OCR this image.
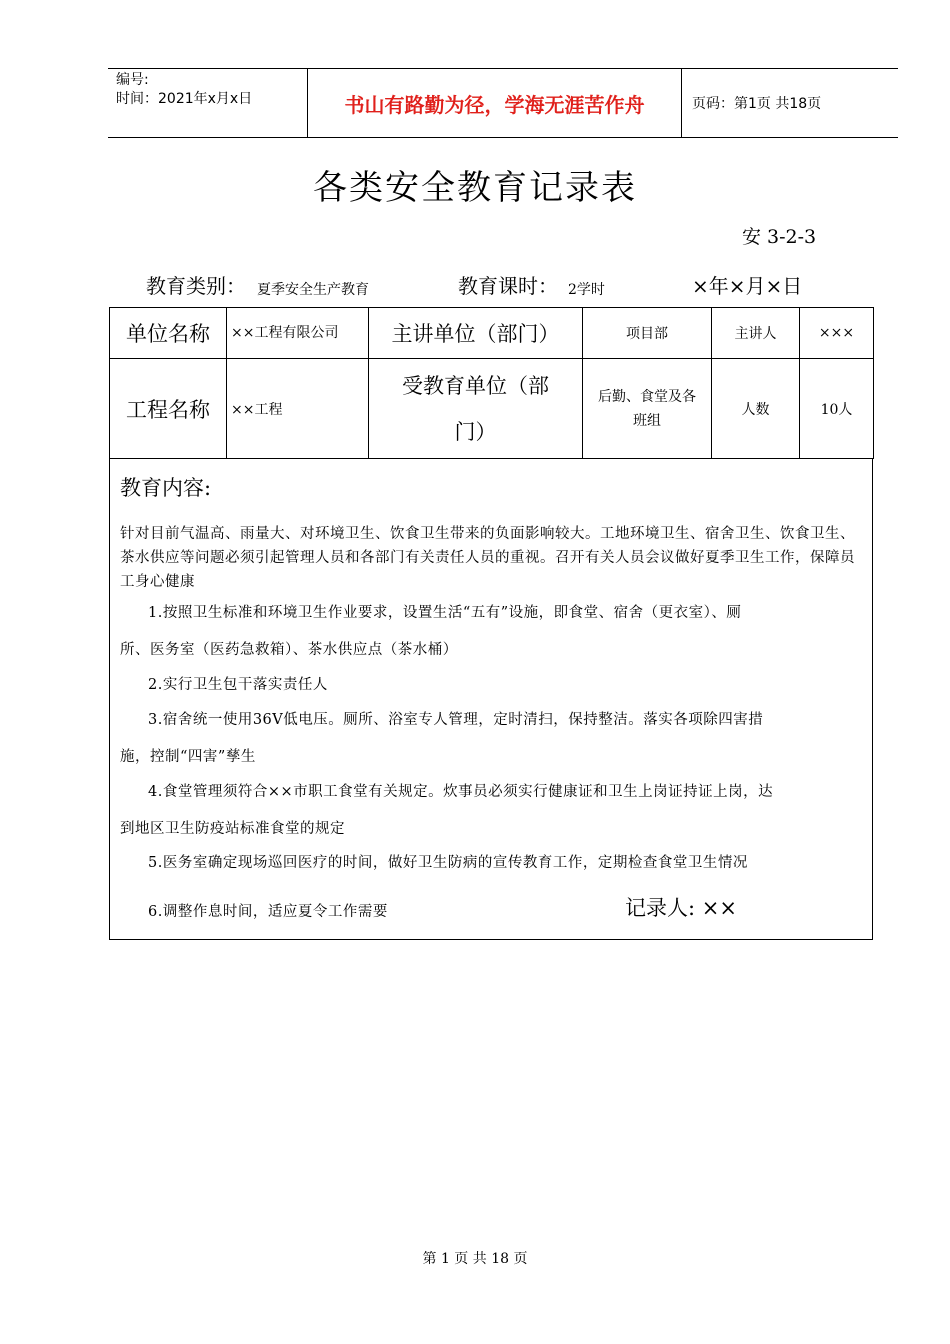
编号:
时间：2021年x月x日	书山有路勤为径，学海无涯苦作舟	页码：第1页 共18页
各类安全教育记录表
安 3-2-3
教育类别： 夏季安全生产教育	教育课时： 2学时	×年×月×日
单位名称	××工程有限公司	主讲单位（部门）	项目部	主讲人	×××
工程名称	××工程	受教育单位（部门）	后勤、食堂及各班组	人数	10人
教育内容:
针对目前气温高、雨量大、对环境卫生、饮食卫生带来的负面影响较大。工地环境卫生、宿舍卫生、饮食卫生、茶水供应等问题必须引起管理人员和各部门有关责任人员的重视。召开有关人员会议做好夏季卫生工作，保障员工身心健康
1.按照卫生标准和环境卫生作业要求，设置生活“五有”设施，即食堂、宿舍（更衣室）、厕
所、医务室（医药急救箱）、茶水供应点（茶水桶）
2.实行卫生包干落实责任人
3.宿舍统一使用36V低电压。厕所、浴室专人管理，定时清扫，保持整洁。落实各项除四害措
施，控制“四害”孳生
4.食堂管理须符合××市职工食堂有关规定。炊事员必须实行健康证和卫生上岗证持证上岗，达
到地区卫生防疫站标准食堂的规定
5.医务室确定现场巡回医疗的时间，做好卫生防病的宣传教育工作，定期检查食堂卫生情况
6.调整作息时间，适应夏令工作需要	记录人: ××
第 1 页 共 18 页
